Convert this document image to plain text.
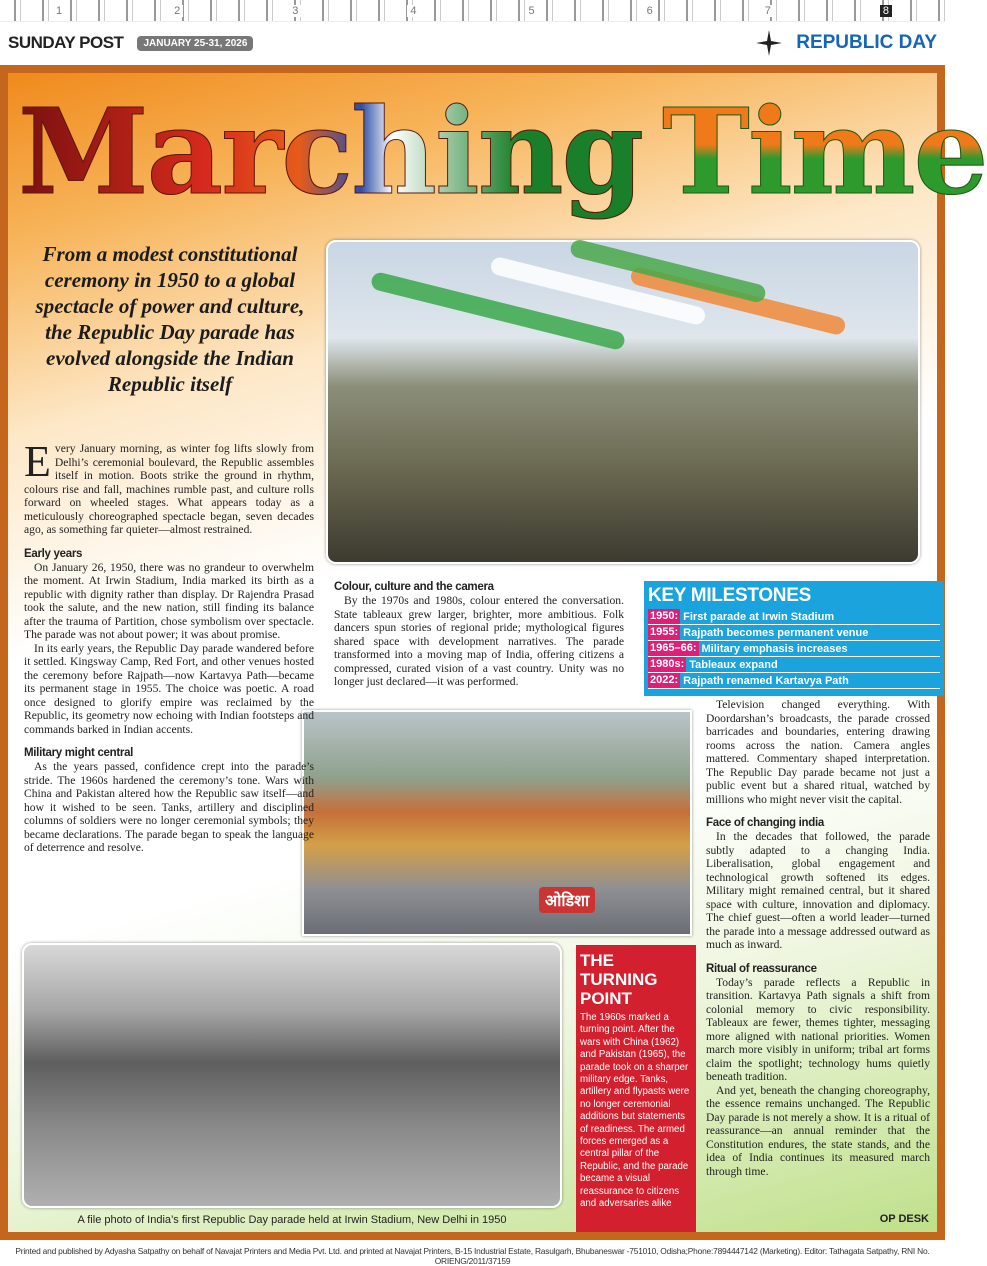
1	2	3	4	5	6	7	8
SUNDAY POST	JANUARY 25-31, 2026	REPUBLIC DAY
Marching Time
From a modest constitutional ceremony in 1950 to a global spectacle of power and culture, the Republic Day parade has evolved alongside the Indian Republic itself
ओडिशा
A file photo of India’s first Republic Day parade held at Irwin Stadium, New Delhi in 1950

Every January morning, as winter fog lifts slowly from Delhi’s ceremonial boulevard, the Republic assembles itself in motion. Boots strike the ground in rhythm, colours rise and fall, machines rumble past, and culture rolls forward on wheeled stages. What appears today as a meticulously choreographed spectacle began, seven decades ago, as something far quieter—almost restrained.

Early years

On January 26, 1950, there was no grandeur to overwhelm the moment. At Irwin Stadium, India marked its birth as a republic with dignity rather than display. Dr Rajendra Prasad took the salute, and the new nation, still finding its balance after the trauma of Partition, chose symbolism over spectacle. The parade was not about power; it was about promise.

In its early years, the Republic Day parade wandered before it settled. Kingsway Camp, Red Fort, and other venues hosted the ceremony before Rajpath—now Kartavya Path—became its permanent stage in 1955. The choice was poetic. A road once designed to glorify empire was reclaimed by the Republic, its geometry now echoing with Indian footsteps and commands barked in Indian accents.

Military might central

As the years passed, confidence crept into the parade’s stride. The 1960s hardened the ceremony’s tone. Wars with China and Pakistan altered how the Republic saw itself—and how it wished to be seen. Tanks, artillery and disciplined columns of soldiers were no longer ceremonial symbols; they became declarations. The parade began to speak the language of deterrence and resolve.

Colour, culture and the camera

By the 1970s and 1980s, colour entered the conversation. State tableaux grew larger, brighter, more ambitious. Folk dancers spun stories of regional pride; mythological figures shared space with development narratives. The parade transformed into a moving map of India, offering citizens a compressed, curated vision of a vast country. Unity was no longer just declared—it was performed.

KEY MILESTONES
1950: First parade at Irwin Stadium
1955: Rajpath becomes permanent venue
1965–66: Military emphasis increases
1980s: Tableaux expand
2022: Rajpath renamed Kartavya Path

Television changed everything. With Doordarshan’s broadcasts, the parade crossed barricades and boundaries, entering drawing rooms across the nation. Camera angles mattered. Commentary shaped interpretation. The Republic Day parade became not just a public event but a shared ritual, watched by millions who might never visit the capital.

Face of changing india

In the decades that followed, the parade subtly adapted to a changing India. Liberalisation, global engagement and technological growth softened its edges. Military might remained central, but it shared space with culture, innovation and diplomacy. The chief guest—often a world leader—turned the parade into a message addressed outward as much as inward.

Ritual of reassurance

Today’s parade reflects a Republic in transition. Kartavya Path signals a shift from colonial memory to civic responsibility. Tableaux are fewer, themes tighter, messaging more aligned with national priorities. Women march more visibly in uniform; tribal art forms claim the spotlight; technology hums quietly beneath tradition.

And yet, beneath the changing choreography, the essence remains unchanged. The Republic Day parade is not merely a show. It is a ritual of reassurance—an annual reminder that the Constitution endures, the state stands, and the idea of India continues its measured march through time.

OP DESK
THE TURNING POINT

The 1960s marked a turning point. After the wars with China (1962) and Pakistan (1965), the parade took on a sharper military edge. Tanks, artillery and flypasts were no longer ceremonial additions but statements of readiness. The armed forces emerged as a central pillar of the Republic, and the parade became a visual reassurance to citizens and adversaries alike

Printed and published by Adyasha Satpathy on behalf of Navajat Printers and Media Pvt. Ltd. and printed at Navajat Printers, B-15 Industrial Estate, Rasulgarh, Bhubaneswar -751010, Odisha;Phone:7894447142 (Marketing). Editor: Tathagata Satpathy, RNI No. ORIENG/2011/37159
